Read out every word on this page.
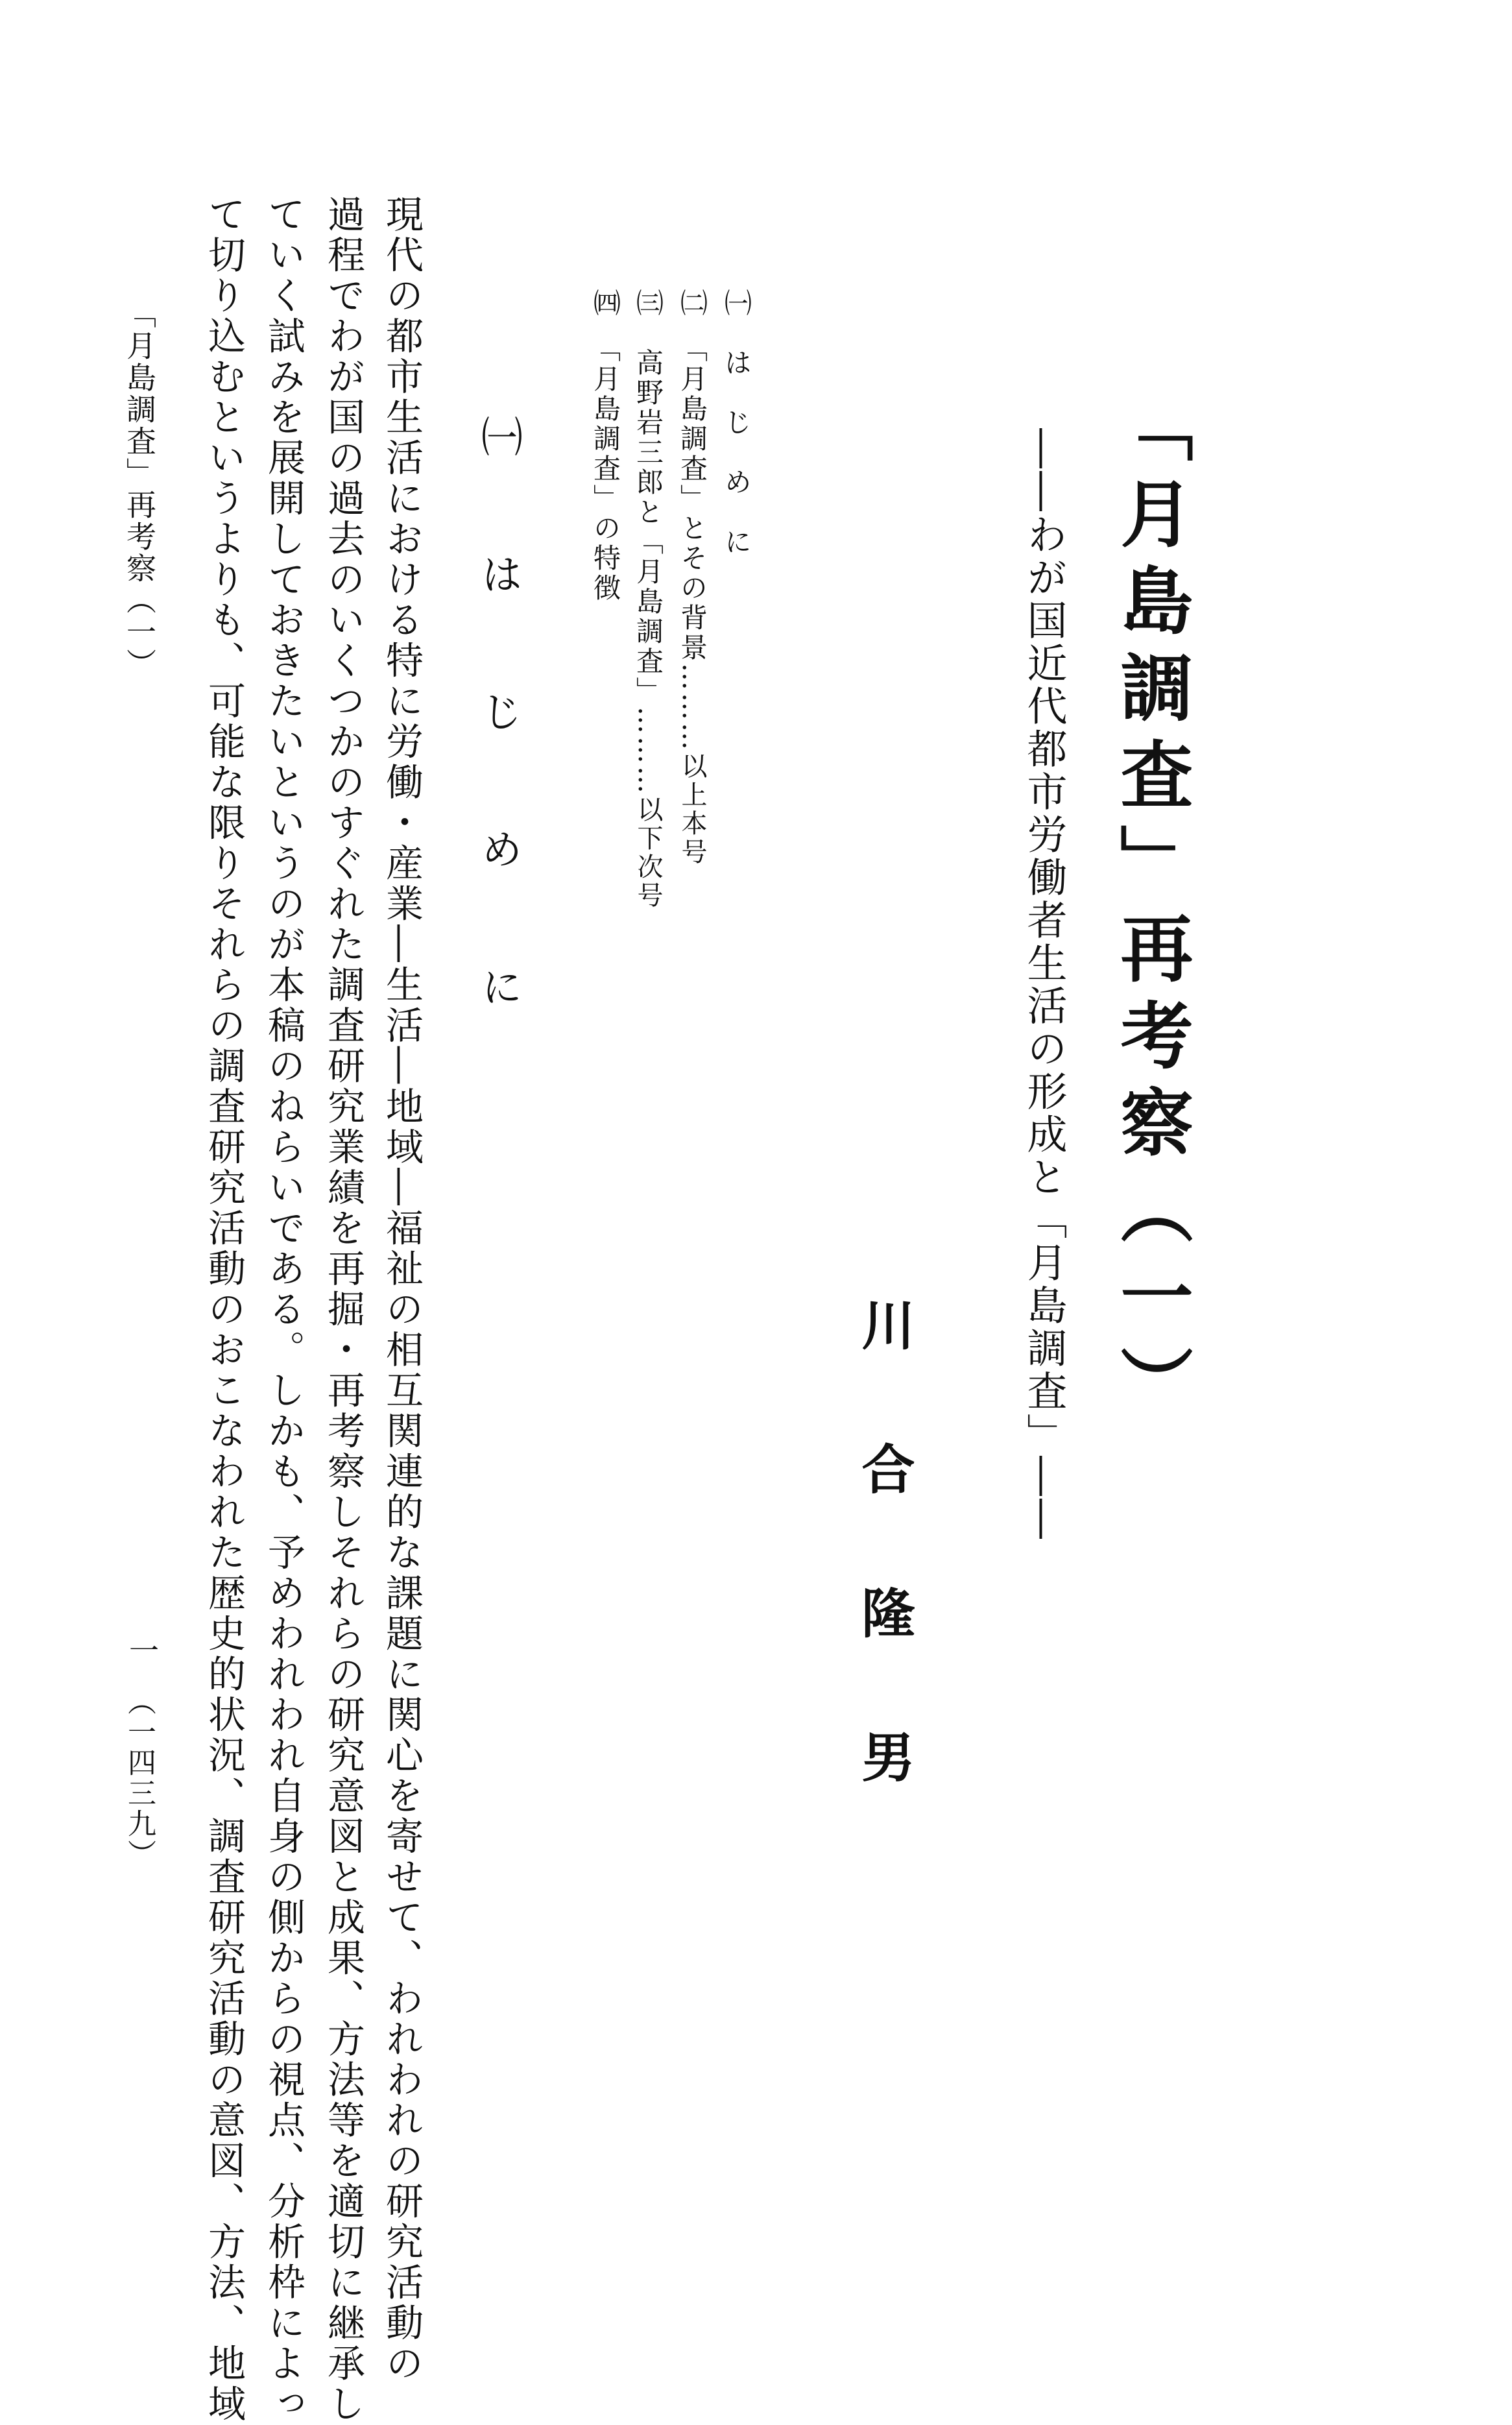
「月島調査」再考察（一）
――わが国近代都市労働者生活の形成と「月島調査」――
川合隆男
㈠　は　じ　め　に
㈡　「月島調査」とその背景………以上本号
㈢　高野岩三郎と「月島調査」………以下次号
㈣　「月島調査」の特徴
㈠　は　じ　め　に
現代の都市生活における特に労働・産業―生活―地域―福祉の相互関連的な課題に関心を寄せて、われわれの研究活動の
過程でわが国の過去のいくつかのすぐれた調査研究業績を再掘・再考察しそれらの研究意図と成果、方法等を適切に継承し
ていく試みを展開しておきたいというのが本稿のねらいである。しかも、予めわれわれ自身の側からの視点、分析枠によっ
て切り込むというよりも、可能な限りそれらの調査研究活動のおこなわれた歴史的状況、調査研究活動の意図、方法、地域
「月島調査」再考察（一）
一
（一四三九）
